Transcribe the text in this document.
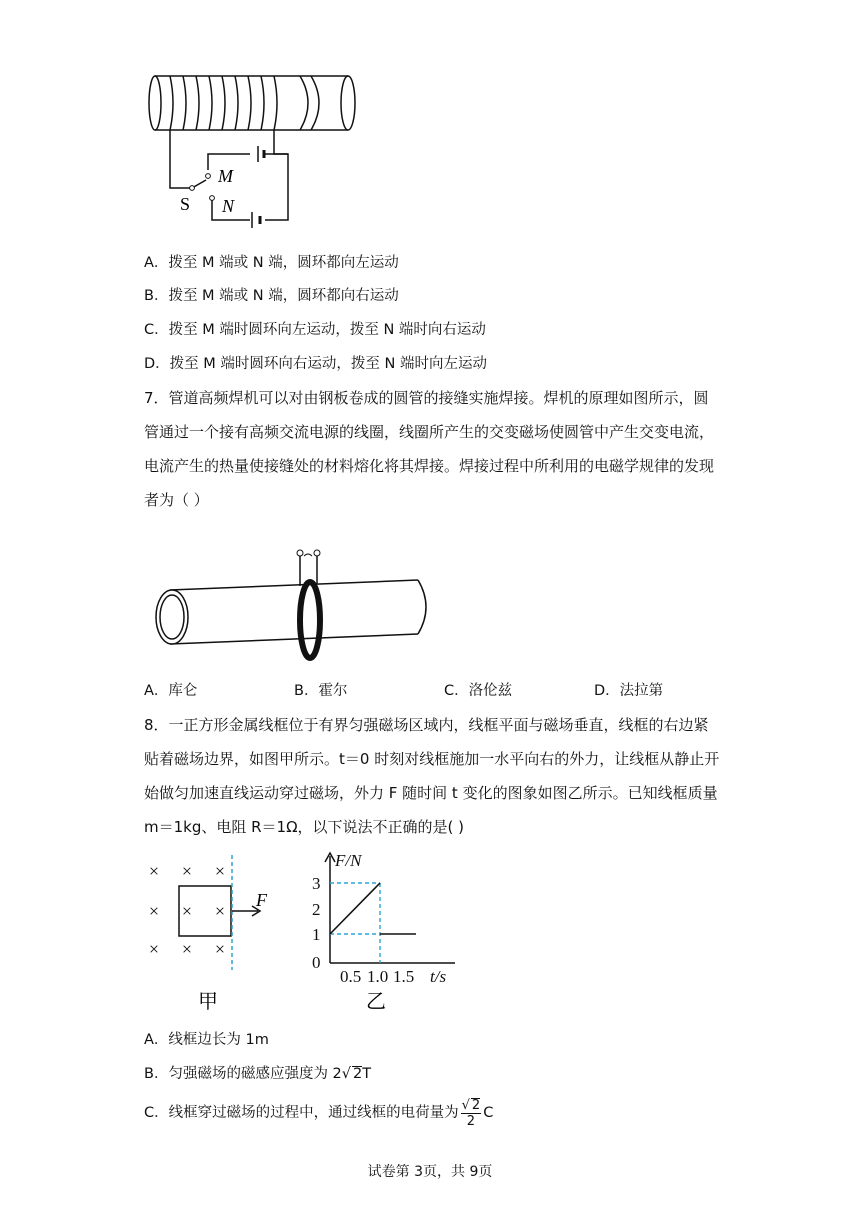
M
S N
A．拨至 M 端或 N 端，圆环都向左运动
B．拨至 M 端或 N 端，圆环都向右运动
C．拨至 M 端时圆环向左运动，拨至 N 端时向右运动
D．拨至 M 端时圆环向右运动，拨至 N 端时向左运动
7．管道高频焊机可以对由钢板卷成的圆管的接缝实施焊接。焊机的原理如图所示，圆
管通过一个接有高频交流电源的线圈，线圈所产生的交变磁场使圆管中产生交变电流，
电流产生的热量使接缝处的材料熔化将其焊接。焊接过程中所利用的电磁学规律的发现
者为（ ）
A．库仑	B．霍尔	C．洛伦兹	D．法拉第
8．一正方形金属线框位于有界匀强磁场区域内，线框平面与磁场垂直，线框的右边紧
贴着磁场边界，如图甲所示。t＝0 时刻对线框施加一水平向右的外力，让线框从静止开
始做匀加速直线运动穿过磁场，外力 F 随时间 t 变化的图象如图乙所示。已知线框质量
m＝1kg、电阻 R＝1Ω，以下说法不正确的是( )
× × ×
× × ×
× × ×
F
甲
F/N
3
2
1
0
0.5 1.0 1.5 t/s
乙
A．线框边长为 1m
B．匀强磁场的磁感应强度为 2√ 2T
C．线框穿过磁场的过程中，通过线框的电荷量为 $\frac{√ 2}{2}$ C
试卷第 3页，共 9页
